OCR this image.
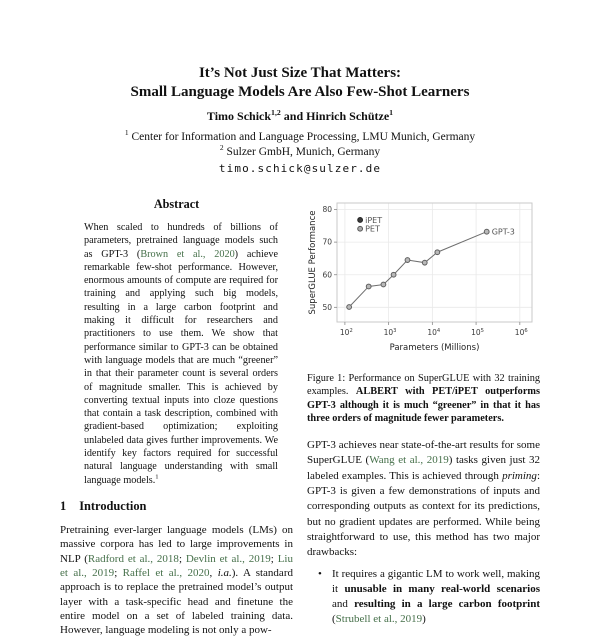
It’s Not Just Size That Matters:
Small Language Models Are Also Few-Shot Learners
Timo Schick$^{1,2}$ and Hinrich Schütze$^1$
$^1$ Center for Information and Language Processing, LMU Munich, Germany
$^2$ Sulzer GmbH, Munich, Germany
timo.schick@sulzer.de
Abstract

When scaled to hundreds of billions of parameters, pretrained language models such as GPT-3 (Brown et al., 2020) achieve remarkable few-shot performance. However, enormous amounts of compute are required for training and applying such big models, resulting in a large carbon footprint and making it difficult for researchers and practitioners to use them. We show that performance similar to GPT-3 can be obtained with language models that are much “greener” in that their parameter count is several orders of magnitude smaller. This is achieved by converting textual inputs into cloze questions that contain a task description, combined with gradient-based optimization; exploiting unlabeled data gives further improvements. We identify key factors required for successful natural language understanding with small language models.$^1$

1 Introduction

Pretraining ever-larger language models (LMs) on massive corpora has led to large improvements in NLP (Radford et al., 2018; Devlin et al., 2019; Liu et al., 2019; Raffel et al., 2020, i.a.). A standard approach is to replace the pretrained model’s output layer with a task-specific head and finetune the entire model on a set of labeled training data. However, language modeling is not only a pow-

50
60
70
80
$10^2$	$10^3$	$10^4$	$10^5$	$10^6$
Parameters (Millions)
SuperGLUE Performance	GPT-3
iPET
PET
Figure 1: Performance on SuperGLUE with 32 training examples. ALBERT with PET/iPET outperforms GPT-3 although it is much “greener” in that it has three orders of magnitude fewer parameters.

GPT-3 achieves near state-of-the-art results for some SuperGLUE (Wang et al., 2019) tasks given just 32 labeled examples. This is achieved through priming: GPT-3 is given a few demonstrations of inputs and corresponding outputs as context for its predictions, but no gradient updates are performed. While being straightforward to use, this method has two major drawbacks:

• It requires a gigantic LM to work well, making it unusable in many real-world scenarios and resulting in a large carbon footprint (Strubell et al., 2019)
